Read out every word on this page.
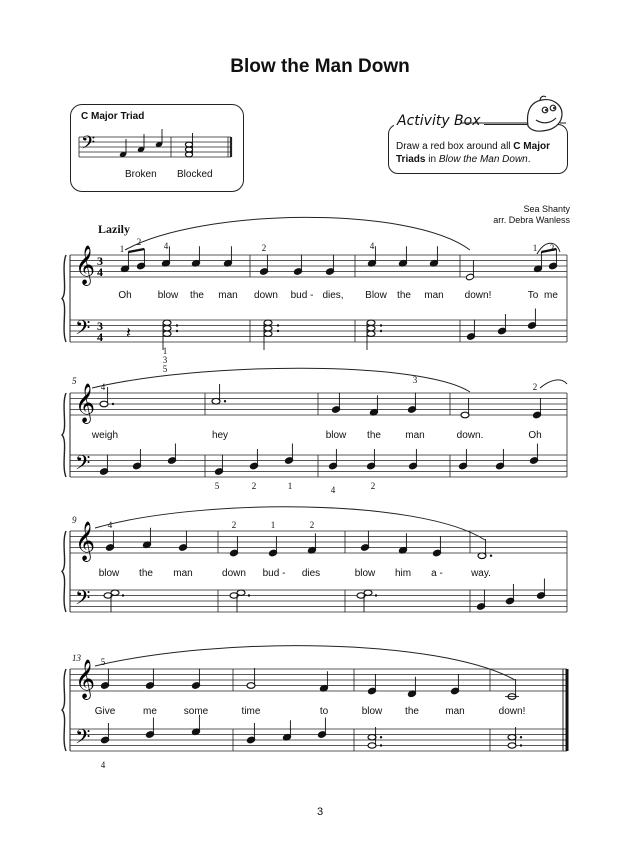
Blow the Man Down
C Major Triad
𝄢
Broken Blocked
Activity Box
Draw a red box around all C Major Triads in Blow the Man Down.
Sea Shanty
arr. Debra Wanless
Lazily
𝄞
𝄢
3
4
3
4
𝄞
𝄢
𝄞
𝄢
𝄞
𝄢
𝄽
1
2	4	2	4	1 2
Oh	blow the man down bud - dies, Blow the man down!	To me
1
3
5
5
4
3
2
weigh	hey	blow the man	down.	Oh
5	2	1	4	2
9	4	2	1	2
blow the man	down bud - dies	blow him a -	way.
13 5
Give	me	some	time	to	blow the	man	down!
4
3
